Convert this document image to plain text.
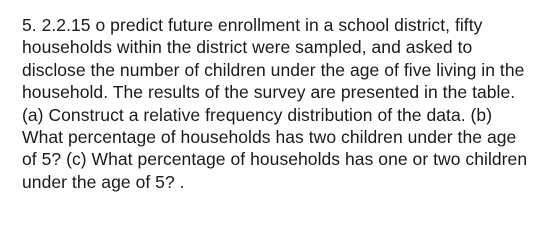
5. 2.2.15 o predict future enrollment in a school district, fifty
households within the district were sampled, and asked to
disclose the number of children under the age of five living in the
household. The results of the survey are presented in the table.
(a) Construct a relative frequency distribution of the data. (b)
What percentage of households has two children under the age
of 5? (c) What percentage of households has one or two children
under the age of 5? .
